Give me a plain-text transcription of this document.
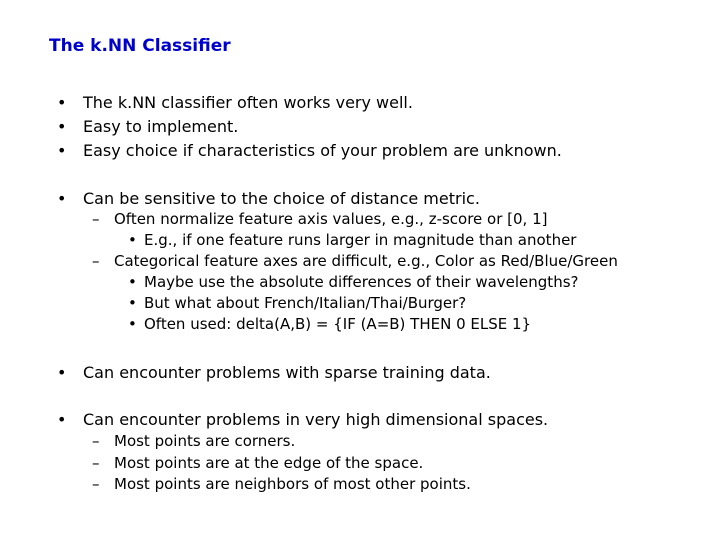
The k.NN Classifier
• The k.NN classifier often works very well.
• Easy to implement.
• Easy choice if characteristics of your problem are unknown.
• Can be sensitive to the choice of distance metric.
– Often normalize feature axis values, e.g., z-score or [0, 1]
• E.g., if one feature runs larger in magnitude than another
– Categorical feature axes are difficult, e.g., Color as Red/Blue/Green
• Maybe use the absolute differences of their wavelengths?
• But what about French/Italian/Thai/Burger?
• Often used: delta(A,B) = {IF (A=B) THEN 0 ELSE 1}
• Can encounter problems with sparse training data.
• Can encounter problems in very high dimensional spaces.
– Most points are corners.
– Most points are at the edge of the space.
– Most points are neighbors of most other points.
